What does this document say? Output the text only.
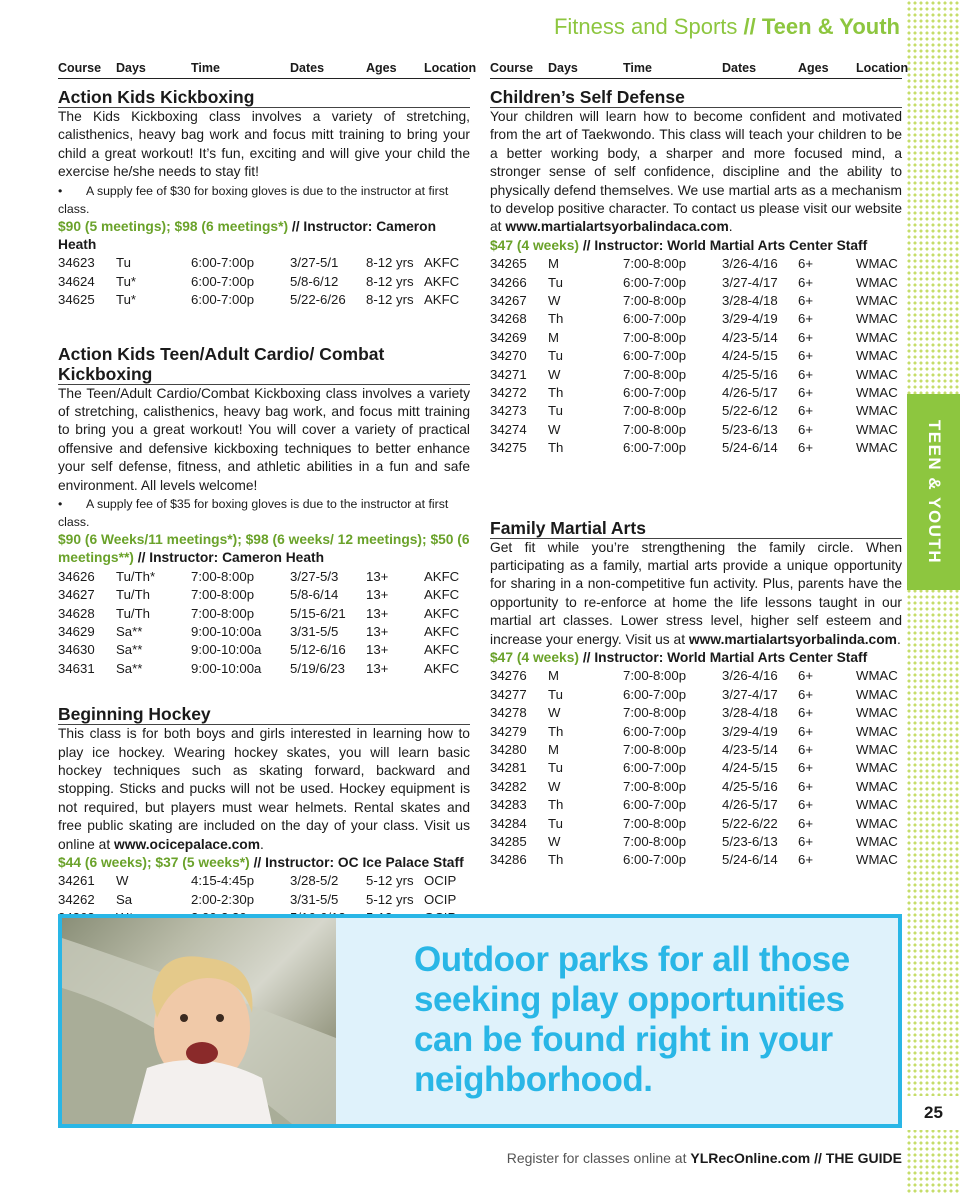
TEEN & YOUTH
25
Fitness and Sports // Teen & Youth
Course Days	Time	Dates	Ages Location
Action Kids Kickboxing
The Kids Kickboxing class involves a variety of stretching, calisthenics, heavy bag work and focus mitt training to bring your child a great workout! It’s fun, exciting and will give your child the exercise he/she needs to stay fit!
• A supply fee of $30 for boxing gloves is due to the instructor at first class.
$90 (5 meetings); $98 (6 meetings*) // Instructor: Cameron Heath
34623 Tu	6:00-7:00p	3/27-5/1 8-12 yrs AKFC
34624 Tu*	6:00-7:00p	5/8-6/12 8-12 yrs AKFC
34625 Tu*	6:00-7:00p	5/22-6/26 8-12 yrs AKFC
Action Kids Teen/Adult Cardio/ Combat Kickboxing
The Teen/Adult Cardio/Combat Kickboxing class involves a variety of stretching, calisthenics, heavy bag work, and focus mitt training to bring you a great workout! You will cover a variety of practical offensive and defensive kickboxing techniques to better enhance your self defense, fitness, and athletic abilities in a fun and safe environment. All levels welcome!
• A supply fee of $35 for boxing gloves is due to the instructor at first class.
$90 (6 Weeks/11 meetings*); $98 (6 weeks/ 12 meetings); $50 (6 meetings**) // Instructor: Cameron Heath
34626 Tu/Th*	7:00-8:00p	3/27-5/3 13+	AKFC
34627 Tu/Th	7:00-8:00p	5/8-6/14 13+	AKFC
34628 Tu/Th	7:00-8:00p	5/15-6/21 13+	AKFC
34629 Sa**	9:00-10:00a 3/31-5/5 13+	AKFC
34630 Sa**	9:00-10:00a 5/12-6/16 13+	AKFC
34631 Sa**	9:00-10:00a 5/19/6/23 13+	AKFC
Beginning Hockey
This class is for both boys and girls interested in learning how to play ice hockey. Wearing hockey skates, you will learn basic hockey techniques such as skating forward, backward and stopping. Sticks and pucks will not be used. Hockey equipment is not required, but players must wear helmets. Rental skates and free public skating are included on the day of your class. Visit us online at www.ocicepalace.com.
$44 (6 weeks); $37 (5 weeks*) // Instructor: OC Ice Palace Staff
34261 W	4:15-4:45p	3/28-5/2 5-12 yrs OCIP
34262 Sa	2:00-2:30p	3/31-5/5 5-12 yrs OCIP
Course Days	Time	Dates	Ages Location
Children’s Self Defense
Your children will learn how to become confident and motivated from the art of Taekwondo. This class will teach your children to be a better working body, a sharper and more focused mind, a stronger sense of self confidence, discipline and the ability to physically defend themselves. We use martial arts as a mechanism to develop positive character. To contact us please visit our website at www.martialartsyorbalindaca.com.
$47 (4 weeks) // Instructor: World Martial Arts Center Staff
34265 M	7:00-8:00p	3/26-4/16 6+	WMAC
34266 Tu	6:00-7:00p	3/27-4/17 6+	WMAC
34267 W	7:00-8:00p	3/28-4/18 6+	WMAC
34268 Th	6:00-7:00p	3/29-4/19 6+	WMAC
34269 M	7:00-8:00p	4/23-5/14 6+	WMAC
34270 Tu	6:00-7:00p	4/24-5/15 6+	WMAC
34271 W	7:00-8:00p	4/25-5/16 6+	WMAC
34272 Th	6:00-7:00p	4/26-5/17 6+	WMAC
34273 Tu	7:00-8:00p	5/22-6/12 6+	WMAC
34274 W	7:00-8:00p	5/23-6/13 6+	WMAC
34275 Th	6:00-7:00p	5/24-6/14 6+	WMAC
Family Martial Arts
Get fit while you’re strengthening the family circle. When participating as a family, martial arts provide a unique opportunity for sharing in a non-competitive fun activity. Plus, parents have the opportunity to re-enforce at home the life lessons taught in our martial art classes. Lower stress level, higher self esteem and increase your energy. Visit us at www.martialartsyorbalinda.com.
$47 (4 weeks) // Instructor: World Martial Arts Center Staff
34276 M	7:00-8:00p	3/26-4/16 6+	WMAC
34277 Tu	6:00-7:00p	3/27-4/17 6+	WMAC
34278 W	7:00-8:00p	3/28-4/18 6+	WMAC
34279 Th	6:00-7:00p	3/29-4/19 6+	WMAC
34280 M	7:00-8:00p	4/23-5/14 6+	WMAC
34281 Tu	6:00-7:00p	4/24-5/15 6+	WMAC
34282 W	7:00-8:00p	4/25-5/16 6+	WMAC
34283 Th	6:00-7:00p	4/26-5/17 6+	WMAC
34284 Tu	7:00-8:00p	5/22-6/22 6+	WMAC
34285 W	7:00-8:00p	5/23-6/13 6+	WMAC
34286 Th	6:00-7:00p	5/24-6/14 6+	WMAC
Outdoor parks for all those seeking play opportunities can be found right in your neighborhood.
Register for classes online at YLRecOnline.com // THE GUIDE
